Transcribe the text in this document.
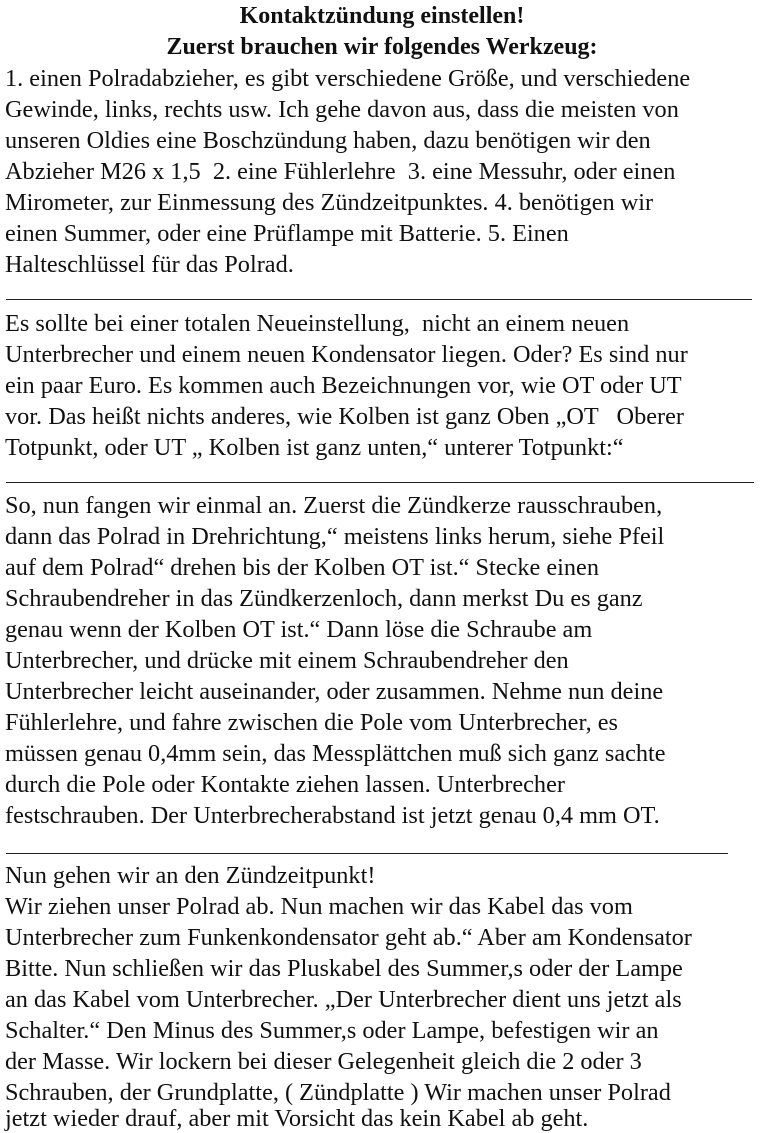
Kontaktzündung einstellen!
Zuerst brauchen wir folgendes Werkzeug:

1. einen Polradabzieher, es gibt verschiedene Größe, und verschiedene

Gewinde, links, rechts usw. Ich gehe davon aus, dass die meisten von

unseren Oldies eine Boschzündung haben, dazu benötigen wir den

Abzieher M26 x 1,5  2. eine Fühlerlehre  3. eine Messuhr, oder einen

Mirometer, zur Einmessung des Zündzeitpunktes. 4. benötigen wir

einen Summer, oder eine Prüflampe mit Batterie. 5. Einen

Halteschlüssel für das Polrad.

Es sollte bei einer totalen Neueinstellung,  nicht an einem neuen

Unterbrecher und einem neuen Kondensator liegen. Oder? Es sind nur

ein paar Euro. Es kommen auch Bezeichnungen vor, wie OT oder UT

vor. Das heißt nichts anderes, wie Kolben ist ganz Oben „OT   Oberer

Totpunkt, oder UT „ Kolben ist ganz unten,“ unterer Totpunkt:“

So, nun fangen wir einmal an. Zuerst die Zündkerze rausschrauben,

dann das Polrad in Drehrichtung,“ meistens links herum, siehe Pfeil

auf dem Polrad“ drehen bis der Kolben OT ist.“ Stecke einen

Schraubendreher in das Zündkerzenloch, dann merkst Du es ganz

genau wenn der Kolben OT ist.“ Dann löse die Schraube am

Unterbrecher, und drücke mit einem Schraubendreher den

Unterbrecher leicht auseinander, oder zusammen. Nehme nun deine

Fühlerlehre, und fahre zwischen die Pole vom Unterbrecher, es

müssen genau 0,4mm sein, das Messplättchen muß sich ganz sachte

durch die Pole oder Kontakte ziehen lassen. Unterbrecher

festschrauben. Der Unterbrecherabstand ist jetzt genau 0,4 mm OT.

Nun gehen wir an den Zündzeitpunkt!

Wir ziehen unser Polrad ab. Nun machen wir das Kabel das vom

Unterbrecher zum Funkenkondensator geht ab.“ Aber am Kondensator

Bitte. Nun schließen wir das Pluskabel des Summer,s oder der Lampe

an das Kabel vom Unterbrecher. „Der Unterbrecher dient uns jetzt als

Schalter.“ Den Minus des Summer,s oder Lampe, befestigen wir an

der Masse. Wir lockern bei dieser Gelegenheit gleich die 2 oder 3

Schrauben, der Grundplatte, ( Zündplatte ) Wir machen unser Polrad

jetzt wieder drauf, aber mit Vorsicht das kein Kabel ab geht.
